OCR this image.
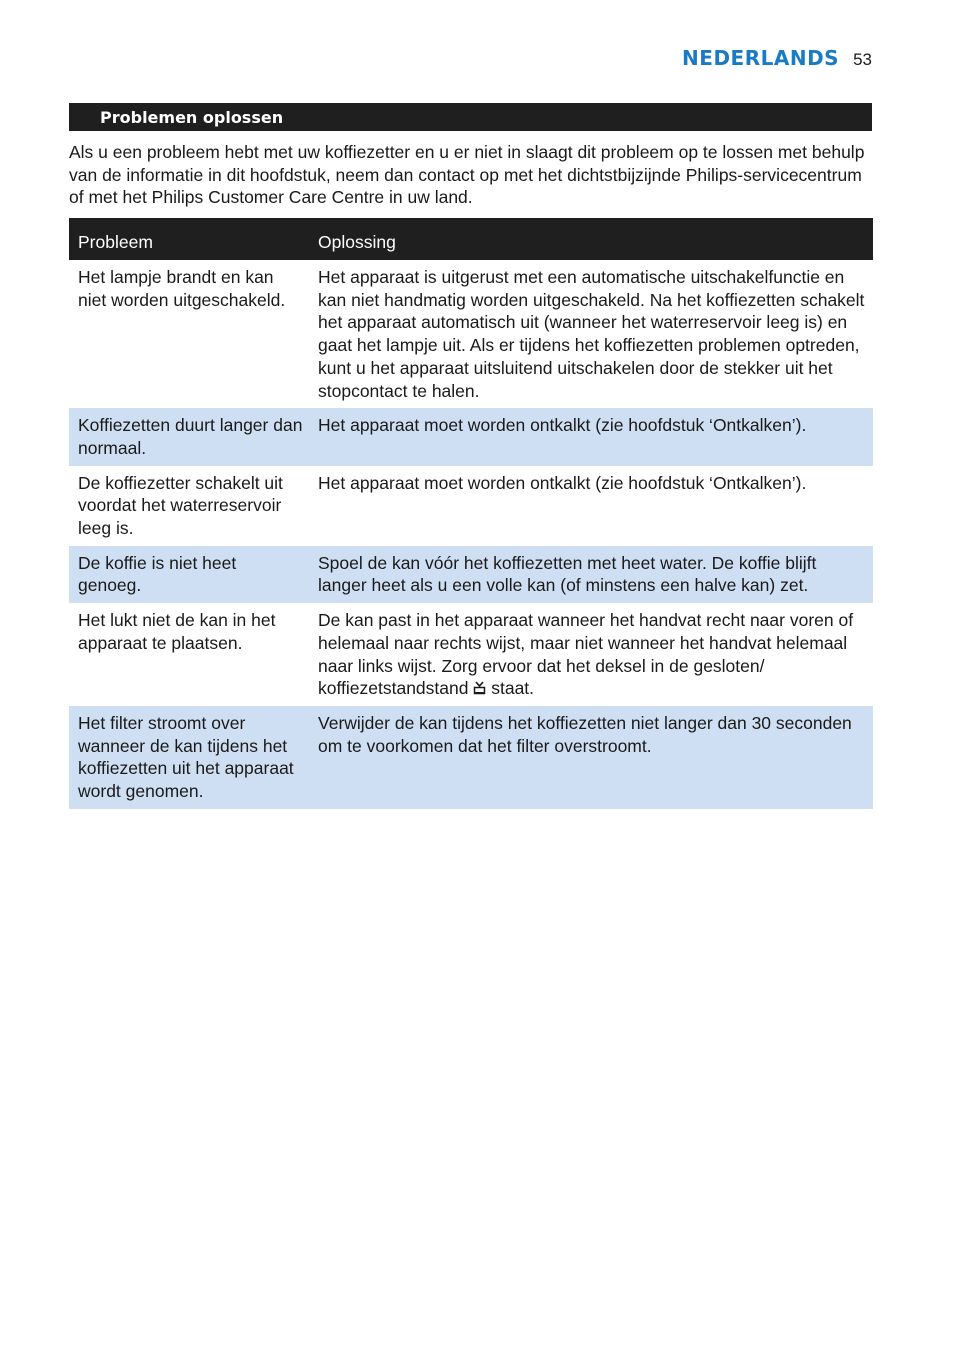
NEDERLANDS 53
Problemen oplossen

Als u een probleem hebt met uw koffiezetter en u er niet in slaagt dit probleem op te lossen met behulp van de informatie in dit hoofdstuk, neem dan contact op met het dichtstbijzijnde Philips-servicecentrum of met het Philips Customer Care Centre in uw land.

Probleem	Oplossing
Het lampje brandt en kan niet worden uitgeschakeld.	Het apparaat is uitgerust met een automatische uitschakelfunctie en kan niet handmatig worden uitgeschakeld. Na het koffiezetten schakelt het apparaat automatisch uit (wanneer het waterreservoir leeg is) en gaat het lampje uit. Als er tijdens het koffiezetten problemen optreden, kunt u het apparaat uitsluitend uitschakelen door de stekker uit het stopcontact te halen.
Koffiezetten duurt langer dan normaal.	Het apparaat moet worden ontkalkt (zie hoofdstuk ‘Ontkalken’).
De koffiezetter schakelt uit voordat het waterreservoir leeg is.	Het apparaat moet worden ontkalkt (zie hoofdstuk ‘Ontkalken’).
De koffie is niet heet genoeg.	Spoel de kan vóór het koffiezetten met heet water. De koffie blijft langer heet als u een volle kan (of minstens een halve kan) zet.
Het lukt niet de kan in het apparaat te plaatsen.	De kan past in het apparaat wanneer het handvat recht naar voren of helemaal naar rechts wijst, maar niet wanneer het handvat helemaal naar links wijst. Zorg ervoor dat het deksel in de gesloten/ koffiezetstandstand  staat.
Het filter stroomt over wanneer de kan tijdens het koffiezetten uit het apparaat wordt genomen.	Verwijder de kan tijdens het koffiezetten niet langer dan 30 seconden om te voorkomen dat het filter overstroomt.
